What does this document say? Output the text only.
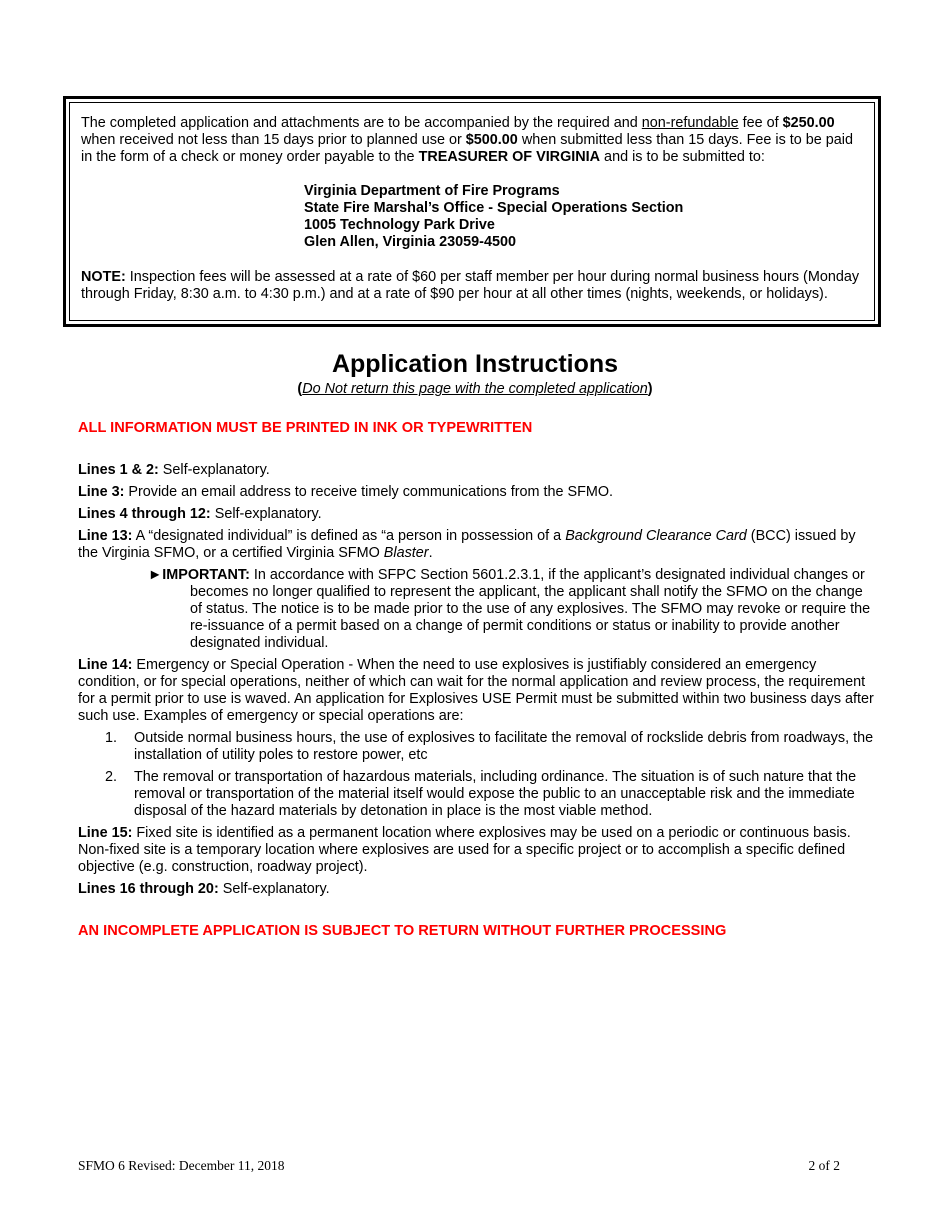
The completed application and attachments are to be accompanied by the required and non-refundable fee of $250.00 when received not less than 15 days prior to planned use or $500.00 when submitted less than 15 days. Fee is to be paid in the form of a check or money order payable to the TREASURER OF VIRGINIA and is to be submitted to:

Virginia Department of Fire Programs
State Fire Marshal’s Office - Special Operations Section
1005 Technology Park Drive
Glen Allen, Virginia 23059-4500

NOTE: Inspection fees will be assessed at a rate of $60 per staff member per hour during normal business hours (Monday through Friday, 8:30 a.m. to 4:30 p.m.) and at a rate of $90 per hour at all other times (nights, weekends, or holidays).

Application Instructions
(Do Not return this page with the completed application)

ALL INFORMATION MUST BE PRINTED IN INK OR TYPEWRITTEN

Lines 1 & 2: Self-explanatory.

Line 3: Provide an email address to receive timely communications from the SFMO.

Lines 4 through 12: Self-explanatory.

Line 13: A “designated individual” is defined as “a person in possession of a Background Clearance Card (BCC) issued by the Virginia SFMO, or a certified Virginia SFMO Blaster.

►IMPORTANT: In accordance with SFPC Section 5601.2.3.1, if the applicant’s designated individual changes or becomes no longer qualified to represent the applicant, the applicant shall notify the SFMO on the change of status. The notice is to be made prior to the use of any explosives. The SFMO may revoke or require the re-issuance of a permit based on a change of permit conditions or status or inability to provide another designated individual.

Line 14: Emergency or Special Operation - When the need to use explosives is justifiably considered an emergency condition, or for special operations, neither of which can wait for the normal application and review process, the requirement for a permit prior to use is waved. An application for Explosives USE Permit must be submitted within two business days after such use. Examples of emergency or special operations are:

1.	Outside normal business hours, the use of explosives to facilitate the removal of rockslide debris from roadways, the installation of utility poles to restore power, etc
2.	The removal or transportation of hazardous materials, including ordinance. The situation is of such nature that the removal or transportation of the material itself would expose the public to an unacceptable risk and the immediate disposal of the hazard materials by detonation in place is the most viable method.

Line 15: Fixed site is identified as a permanent location where explosives may be used on a periodic or continuous basis. Non-fixed site is a temporary location where explosives are used for a specific project or to accomplish a specific defined objective (e.g. construction, roadway project).

Lines 16 through 20: Self-explanatory.

AN INCOMPLETE APPLICATION IS SUBJECT TO RETURN WITHOUT FURTHER PROCESSING

SFMO 6 Revised: December 11, 2018	2 of 2
